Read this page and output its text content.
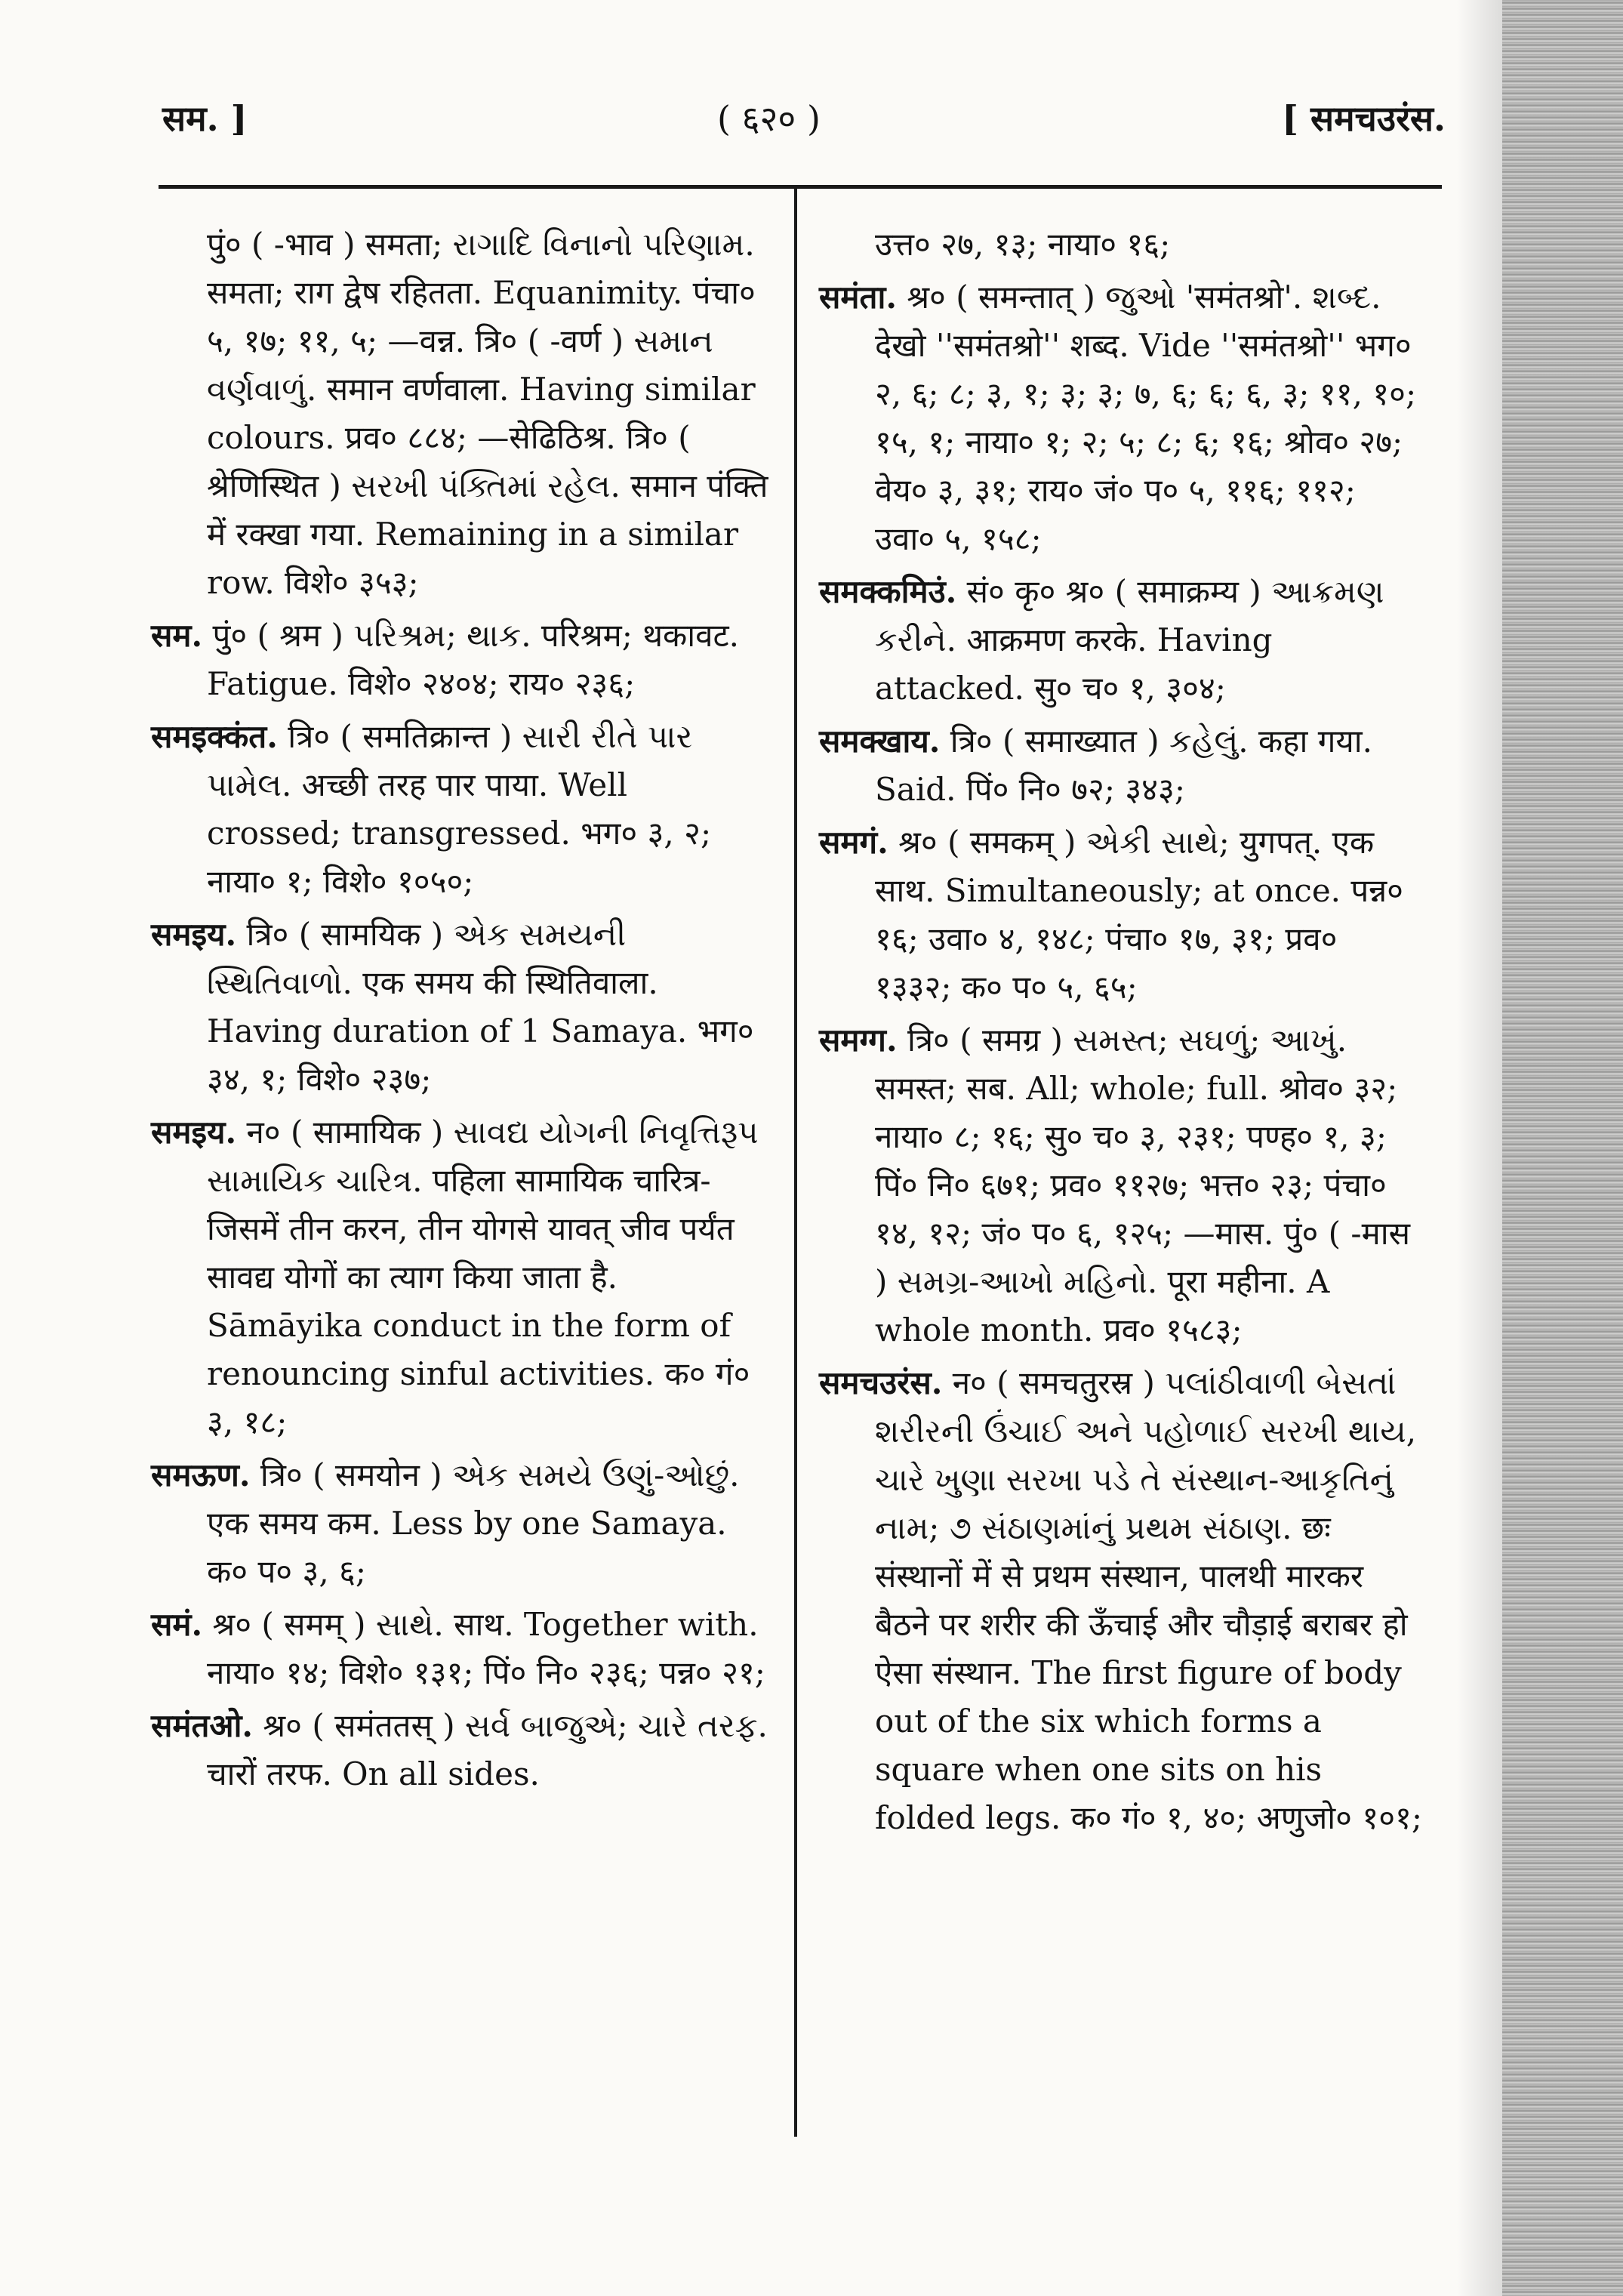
सम. ]	( ६२० )	[ समचउरंस.
पुं० ( -भाव ) समता; રાગાદિ વિનાનો પરિણામ. समता; राग द्वेष रहितता. Equanimity. पंचा० ५, १७; ११, ५; —वन्न. त्रि० ( -वर्ण ) સમાન વર્ણવાળું. समान वर्णवाला. Having similar colours. प्रव० ८८४; —सेढिठिश्र. त्रि० ( श्रेणिस्थित ) સરખી પંક્તિમાં રહેલ. समान पंक्ति में रक्खा गया. Remaining in a similar row. विशे० ३५३;
सम. पुं० ( श्रम ) પરિશ્રમ; થાક. परिश्रम; थकावट. Fatigue. विशे० २४०४; राय० २३६;
समइक्कंत. त्रि० ( समतिक्रान्त ) સારી રીતે પાર પામેલ. अच्छी तरह पार पाया. Well crossed; transgressed. भग० ३, २; नाया० १; विशे० १०५०;
समइय. त्रि० ( सामयिक ) એક સમયની સ્થિતિવાળો. एक समय की स्थितिवाला. Having duration of 1 Samaya. भग० ३४, १; विशे० २३७;
समइय. न० ( सामायिक ) સાવદ્ય યોગની નિવૃત્તિરૂપ સામાયિક ચારિત્ર. पहिला सामायिक चारित्र-जिसमें तीन करन, तीन योगसे यावत् जीव पर्यंत सावद्य योगों का त्याग किया जाता है. Sāmāyika conduct in the form of renouncing sinful activities. क० गं० ३, १८;
समऊण. त्रि० ( समयोन ) એક સમયે ઉણું-ઓછું. एक समय कम. Less by one Samaya. क० प० ३, ६;
समं. श्र० ( समम् ) સાથે. साथ. Together with. नाया० १४; विशे० १३१; पिं० नि० २३६; पन्न० २१;
समंतओ. श्र० ( समंततस् ) સર્વ બાજુએ; ચારે તરફ. चारों तरफ. On all sides.
उत्त० २७, १३; नाया० १६;
समंता. श्र० ( समन्तात् ) જુઓ 'समंतश्रो'. શબ્દ. देखो ''समंतश्रो'' शब्द. Vide ''समंतश्रो'' भग० २, ६; ८; ३, १; ३; ३; ७, ६; ६; ६, ३; ११, १०; १५, १; नाया० १; २; ५; ८; ६; १६; श्रोव० २७; वेय० ३, ३१; राय० जं० प० ५, ११६; ११२; उवा० ५, १५८;
समक्कमिउं. सं० कृ० श्र० ( समाक्रम्य ) આક્રમણ કરીને. आक्रमण करके. Having attacked. सु० च० १, ३०४;
समक्खाय. त्रि० ( समाख्यात ) કહેલું. कहा गया. Said. पिं० नि० ७२; ३४३;
समगं. श्र० ( समकम् ) એકી સાથે; युगपत्. एक साथ. Simultaneously; at once. पन्न० १६; उवा० ४, १४८; पंचा० १७, ३१; प्रव० १३३२; क० प० ५, ६५;
समग्ग. त्रि० ( समग्र ) સમસ્ત; સઘળું; આખું. समस्त; सब. All; whole; full. श्रोव० ३२; नाया० ८; १६; सु० च० ३, २३१; पण्ह० १, ३; पिं० नि० ६७१; प्रव० ११२७; भत्त० २३; पंचा० १४, १२; जं० प० ६, १२५; —मास. पुं० ( -मास ) સમગ્ર-આખો મહિનો. पूरा महीना. A whole month. प्रव० १५८३;
समचउरंस. न० ( समचतुरस्र ) પલાંઠીવાળી બેસતાં શરીરની ઉંચાઈ અને પહોળાઈ સરખી થાય, ચારે ખુણા સરખા પડે તે સંસ્થાન-આકૃતિનું નામ; ૭ સંઠાણમાંનું પ્રથમ સંઠાણ. छः संस्थानों में से प्रथम संस्थान, पालथी मारकर बैठने पर शरीर की ऊँचाई और चौड़ाई बराबर हो ऐसा संस्थान. The first figure of body out of the six which forms a square when one sits on his folded legs. क० गं० १, ४०; अणुजो० १०१;
